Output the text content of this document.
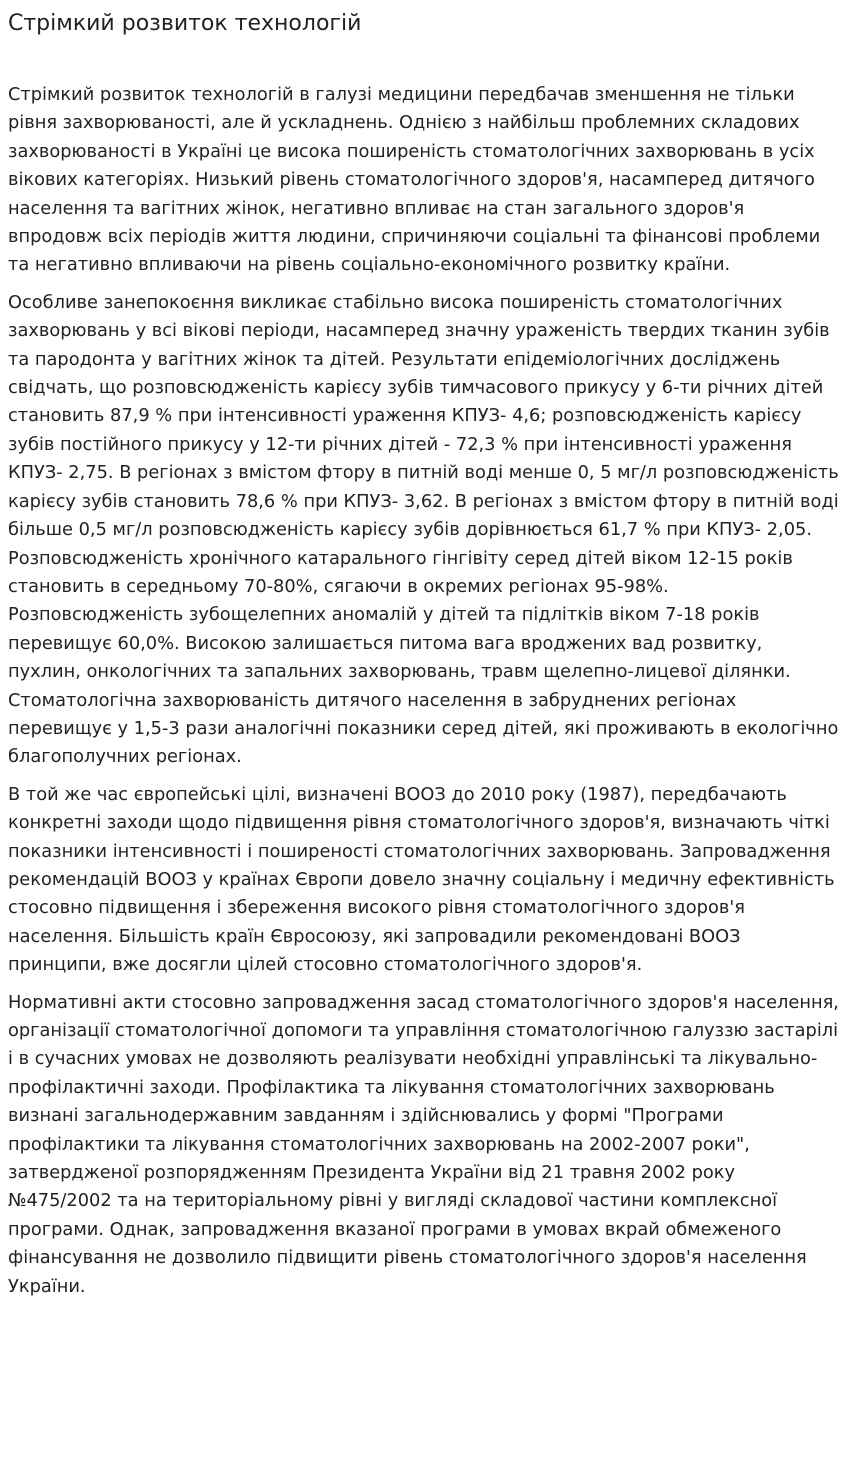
Стрімкий розвиток технологій

Стрімкий розвиток технологій в галузі медицини передбачав зменшення не тільки рівня захворюваності, але й ускладнень. Однією з найбільш проблемних складових захворюваності в Україні це висока поширеність стоматологічних захворювань в усіх вікових категоріях. Низький рівень стоматологічного здоров'я, насамперед дитячого населення та вагітних жінок, негативно впливає на стан загального здоров'я впродовж всіх періодів життя людини, спричиняючи соціальні та фінансові проблеми та негативно впливаючи на рівень соціально-економічного розвитку країни.

Особливе занепокоєння викликає стабільно висока поширеність стоматологічних захворювань у всі вікові періоди, насамперед значну ураженість твердих тканин зубів та пародонта у вагітних жінок та дітей. Результати епідеміологічних досліджень свідчать, що розповсюдженість карієсу зубів тимчасового прикусу у 6-ти річних дітей становить 87,9 % при інтенсивності ураження КПУЗ- 4,6; розповсюдженість карієсу зубів постійного прикусу у 12-ти річних дітей - 72,3 % при інтенсивності ураження КПУЗ- 2,75. В регіонах з вмістом фтору в питній воді менше 0, 5 мг/л розповсюдженість карієсу зубів становить 78,6 % при КПУЗ- 3,62. В регіонах з вмістом фтору в питній воді більше 0,5 мг/л розповсюдженість карієсу зубів дорівнюється 61,7 % при КПУЗ- 2,05. Розповсюдженість хронічного катарального гінгівіту серед дітей віком 12-15 років становить в середньому 70-80%, сягаючи в окремих регіонах 95-98%. Розповсюдженість зубощелепних аномалій у дітей та підлітків віком 7-18 років перевищує 60,0%. Високою залишається питома вага вроджених вад розвитку, пухлин, онкологічних та запальних захворювань, травм щелепно-лицевої ділянки. Стоматологічна захворюваність дитячого населення в забруднених регіонах перевищує у 1,5-3 рази аналогічні показники серед дітей, які проживають в екологічно благополучних регіонах.

В той же час європейські цілі, визначені ВООЗ до 2010 року (1987), передбачають конкретні заходи щодо підвищення рівня стоматологічного здоров'я, визначають чіткі показники інтенсивності і поширеності стоматологічних захворювань. Запровадження рекомендацій ВООЗ у країнах Європи довело значну соціальну і медичну ефективність стосовно підвищення і збереження високого рівня стоматологічного здоров'я населення. Більшість країн Євросоюзу, які запровадили рекомендовані ВООЗ принципи, вже досягли цілей стосовно стоматологічного здоров'я.

Нормативні акти стосовно запровадження засад стоматологічного здоров'я населення, організації стоматологічної допомоги та управління стоматологічною галуззю застарілі і в сучасних умовах не дозволяють реалізувати необхідні управлінські та лікувально-профілактичні заходи. Профілактика та лікування стоматологічних захворювань визнані загальнодержавним завданням і здійснювались у формі "Програми профілактики та лікування стоматологічних захворювань на 2002-2007 роки", затвердженої розпорядженням Президента України від 21 травня 2002 року №475/2002 та на територіальному рівні у вигляді складової частини комплексної програми. Однак, запровадження вказаної програми в умовах вкрай обмеженого фінансування не дозволило підвищити рівень стоматологічного здоров'я населення України.
